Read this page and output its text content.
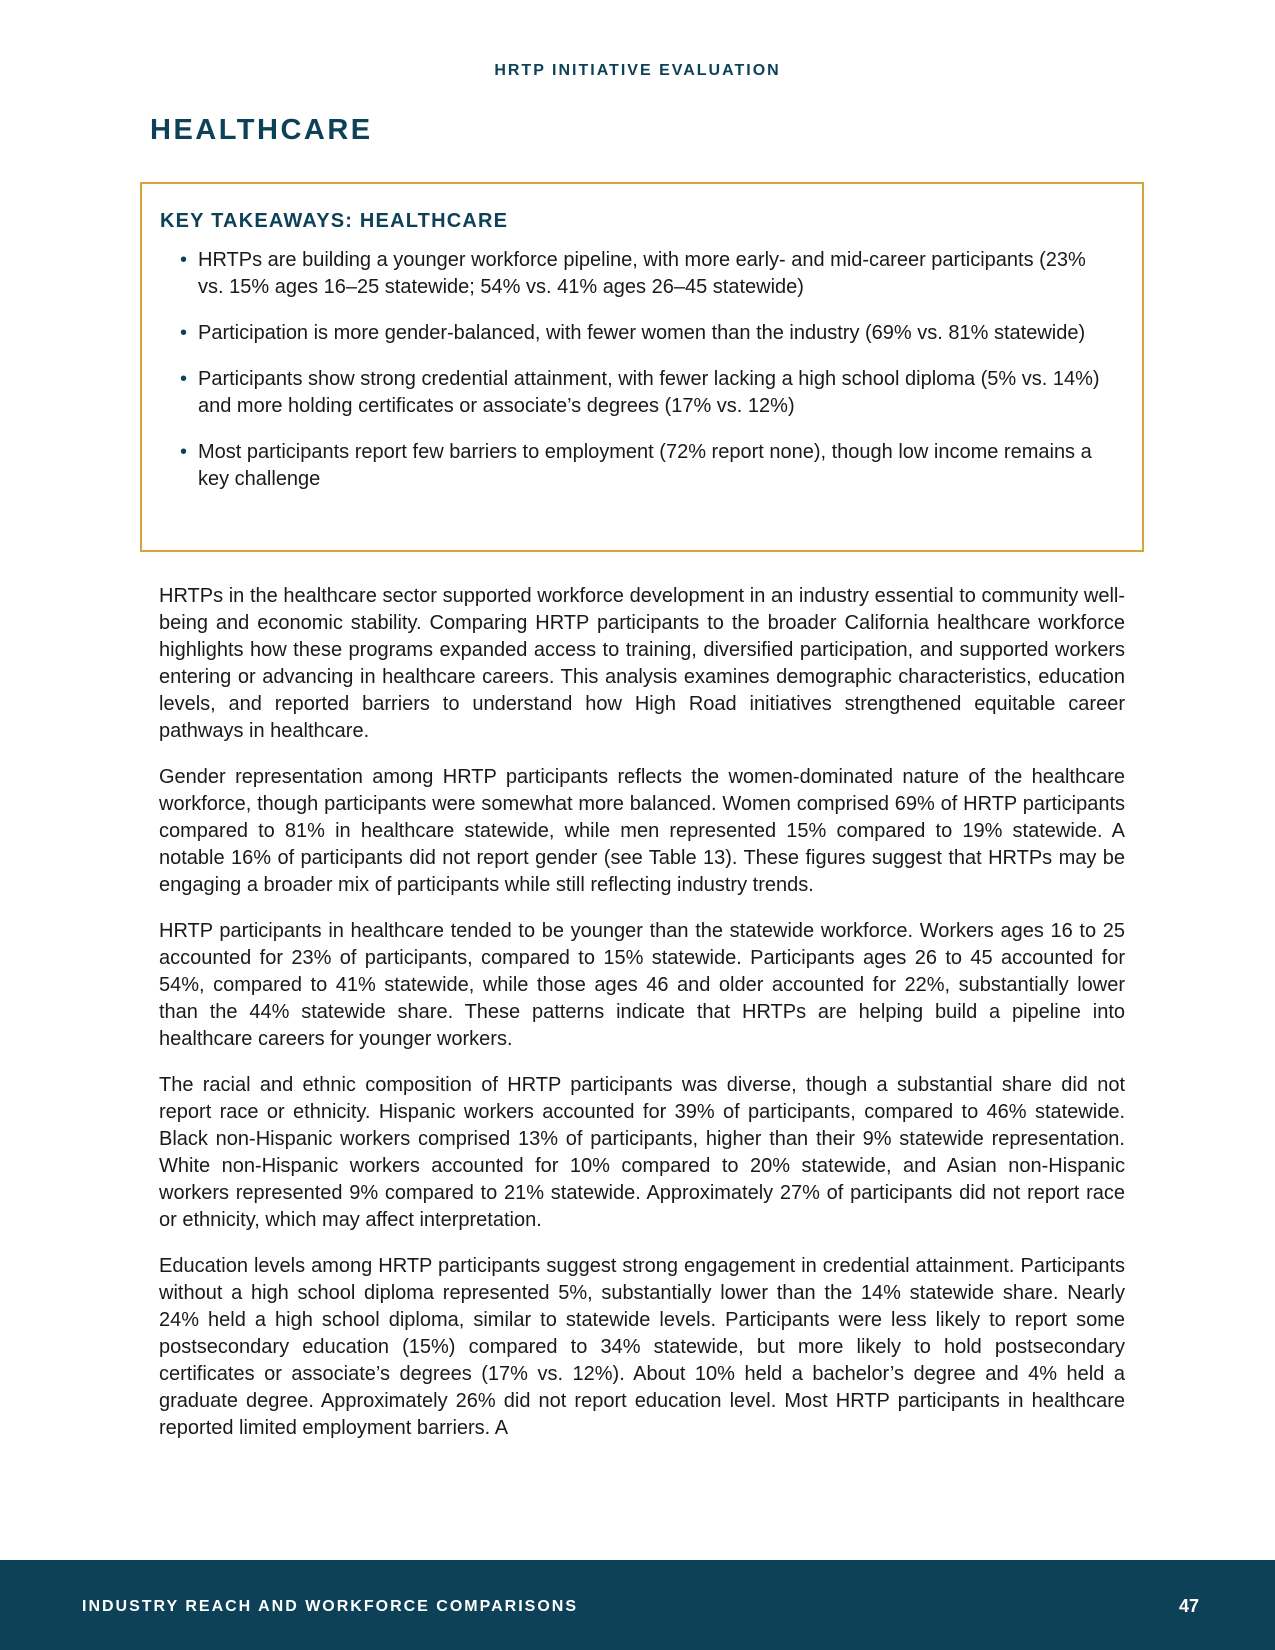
HRTP INITIATIVE EVALUATION
HEALTHCARE
KEY TAKEAWAYS: HEALTHCARE
• HRTPs are building a younger workforce pipeline, with more early- and mid-career participants (23% vs. 15% ages 16–25 statewide; 54% vs. 41% ages 26–45 statewide)
• Participation is more gender-balanced, with fewer women than the industry (69% vs. 81% statewide)
• Participants show strong credential attainment, with fewer lacking a high school diploma (5% vs. 14%) and more holding certificates or associate’s degrees (17% vs. 12%)
• Most participants report few barriers to employment (72% report none), though low income remains a key challenge

HRTPs in the healthcare sector supported workforce development in an industry essential to community well-being and economic stability. Comparing HRTP participants to the broader California healthcare workforce highlights how these programs expanded access to training, diversified participation, and supported workers entering or advancing in healthcare careers. This analysis examines demographic characteristics, education levels, and reported barriers to understand how High Road initiatives strengthened equitable career pathways in healthcare.

Gender representation among HRTP participants reflects the women-dominated nature of the healthcare workforce, though participants were somewhat more balanced. Women comprised 69% of HRTP participants compared to 81% in healthcare statewide, while men represented 15% compared to 19% statewide. A notable 16% of participants did not report gender (see Table 13). These figures suggest that HRTPs may be engaging a broader mix of participants while still reflecting industry trends.

HRTP participants in healthcare tended to be younger than the statewide workforce. Workers ages 16 to 25 accounted for 23% of participants, compared to 15% statewide. Participants ages 26 to 45 accounted for 54%, compared to 41% statewide, while those ages 46 and older accounted for 22%, substantially lower than the 44% statewide share. These patterns indicate that HRTPs are helping build a pipeline into healthcare careers for younger workers.

The racial and ethnic composition of HRTP participants was diverse, though a substantial share did not report race or ethnicity. Hispanic workers accounted for 39% of participants, compared to 46% statewide. Black non-Hispanic workers comprised 13% of participants, higher than their 9% statewide representation. White non-Hispanic workers accounted for 10% compared to 20% statewide, and Asian non-Hispanic workers represented 9% compared to 21% statewide. Approximately 27% of participants did not report race or ethnicity, which may affect interpretation.

Education levels among HRTP participants suggest strong engagement in credential attainment. Participants without a high school diploma represented 5%, substantially lower than the 14% statewide share. Nearly 24% held a high school diploma, similar to statewide levels. Participants were less likely to report some postsecondary education (15%) compared to 34% statewide, but more likely to hold postsecondary certificates or associate’s degrees (17% vs. 12%). About 10% held a bachelor’s degree and 4% held a graduate degree. Approximately 26% did not report education level. Most HRTP participants in healthcare reported limited employment barriers. A

INDUSTRY REACH AND WORKFORCE COMPARISONS	47
